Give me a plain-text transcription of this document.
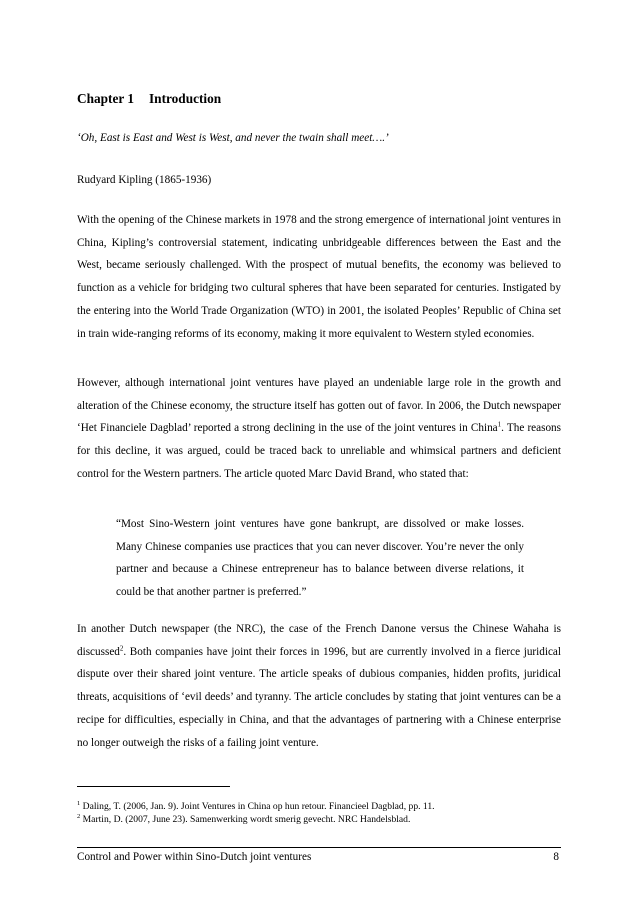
Chapter 1 Introduction
‘Oh, East is East and West is West, and never the twain shall meet….’
Rudyard Kipling (1865-1936)
With the opening of the Chinese markets in 1978 and the strong emergence of international joint ventures in China, Kipling’s controversial statement, indicating unbridgeable differences between the East and the West, became seriously challenged. With the prospect of mutual benefits, the economy was believed to function as a vehicle for bridging two cultural spheres that have been separated for centuries. Instigated by the entering into the World Trade Organization (WTO) in 2001, the isolated Peoples’ Republic of China set in train wide-ranging reforms of its economy, making it more equivalent to Western styled economies.
However, although international joint ventures have played an undeniable large role in the growth and alteration of the Chinese economy, the structure itself has gotten out of favor. In 2006, the Dutch newspaper ‘Het Financiele Dagblad’ reported a strong declining in the use of the joint ventures in China$^1$. The reasons for this decline, it was argued, could be traced back to unreliable and whimsical partners and deficient control for the Western partners. The article quoted Marc David Brand, who stated that:
“Most Sino-Western joint ventures have gone bankrupt, are dissolved or make losses. Many Chinese companies use practices that you can never discover. You’re never the only partner and because a Chinese entrepreneur has to balance between diverse relations, it could be that another partner is preferred.”
In another Dutch newspaper (the NRC), the case of the French Danone versus the Chinese Wahaha is discussed$^2$. Both companies have joint their forces in 1996, but are currently involved in a fierce juridical dispute over their shared joint venture. The article speaks of dubious companies, hidden profits, juridical threats, acquisitions of ‘evil deeds’ and tyranny. The article concludes by stating that joint ventures can be a recipe for difficulties, especially in China, and that the advantages of partnering with a Chinese enterprise no longer outweigh the risks of a failing joint venture.
$^1$ Daling, T. (2006, Jan. 9). Joint Ventures in China op hun retour. Financieel Dagblad, pp. 11.
$^2$ Martin, D. (2007, June 23). Samenwerking wordt smerig gevecht. NRC Handelsblad.
Control and Power within Sino-Dutch joint ventures	8
